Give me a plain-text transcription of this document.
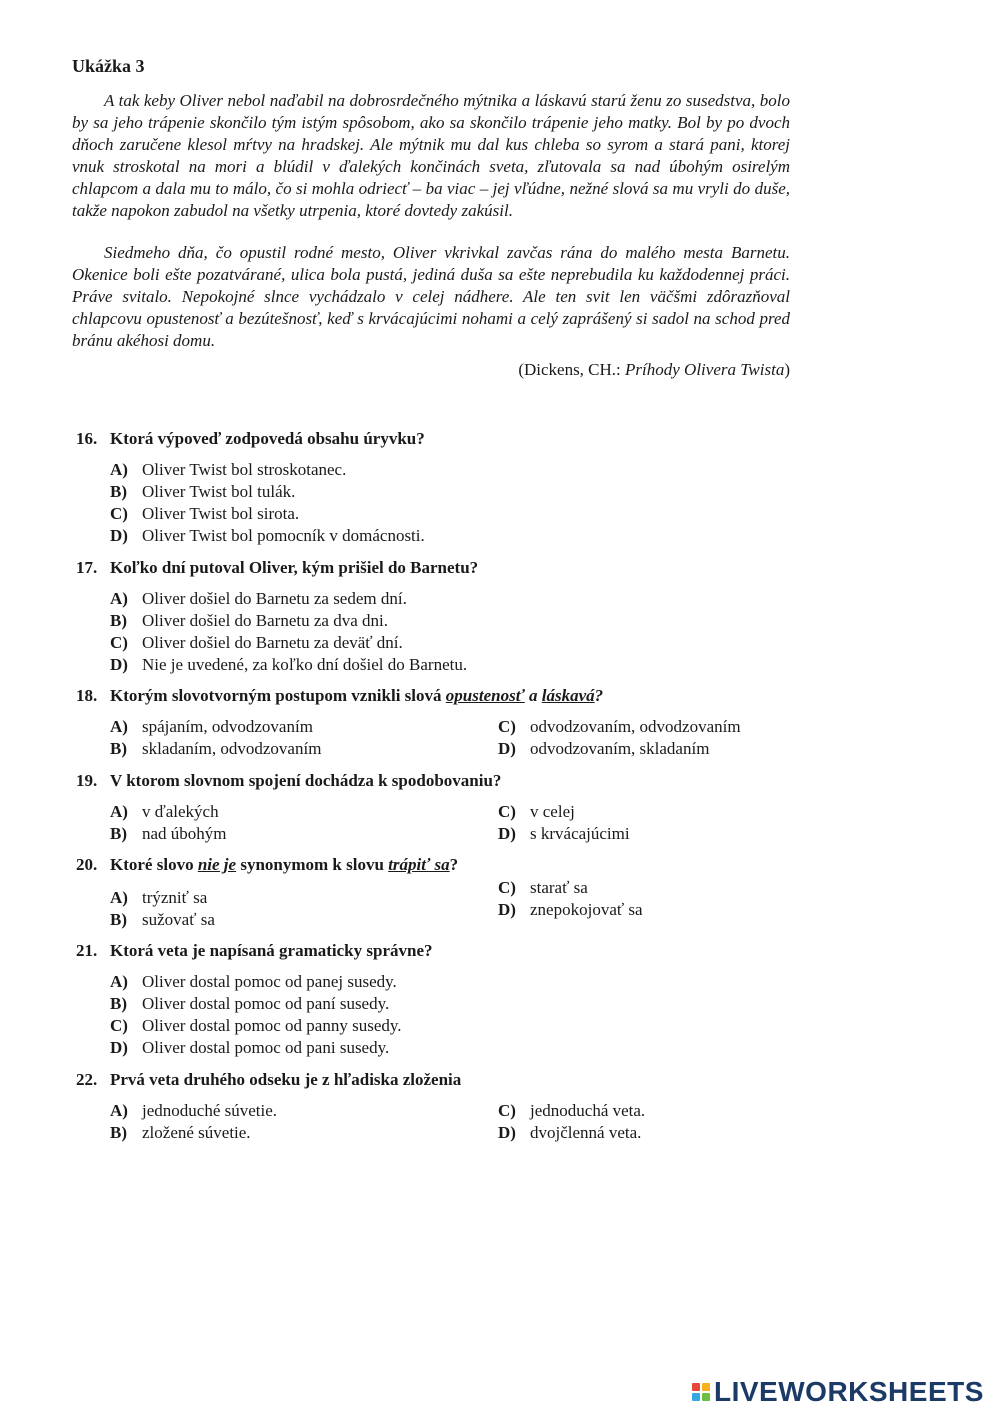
Ukážka 3

A tak keby Oliver nebol naďabil na dobrosrdečného mýtnika a láskavú starú ženu zo susedstva, bolo by sa jeho trápenie skončilo tým istým spôsobom, ako sa skončilo trápenie jeho matky. Bol by po dvoch dňoch zaručene klesol mŕtvy na hradskej. Ale mýtnik mu dal kus chleba so syrom a stará pani, ktorej vnuk stroskotal na mori a blúdil v ďalekých končinách sveta, zľutovala sa nad úbohým osirelým chlapcom a dala mu to málo, čo si mohla odriecť – ba viac – jej vľúdne, nežné slová sa mu vryli do duše, takže napokon zabudol na všetky utrpenia, ktoré dovtedy zakúsil.

Siedmeho dňa, čo opustil rodné mesto, Oliver vkrivkal zavčas rána do malého mesta Barnetu. Okenice boli ešte pozatvárané, ulica bola pustá, jediná duša sa ešte neprebudila ku každodennej práci. Práve svitalo. Nepokojné slnce vychádzalo v celej nádhere. Ale ten svit len väčšmi zdôrazňoval chlapcovu opustenosť a bezútešnosť, keď s krvácajúcimi nohami a celý zaprášený si sadol na schod pred bránu akéhosi domu.

(Dickens, CH.: Príhody Olivera Twista)
16. Ktorá výpoveď zodpovedá obsahu úryvku?
A) Oliver Twist bol stroskotanec.
B) Oliver Twist bol tulák.
C) Oliver Twist bol sirota.
D) Oliver Twist bol pomocník v domácnosti.
17. Koľko dní putoval Oliver, kým prišiel do Barnetu?
A) Oliver došiel do Barnetu za sedem dní.
B) Oliver došiel do Barnetu za dva dni.
C) Oliver došiel do Barnetu za deväť dní.
D) Nie je uvedené, za koľko dní došiel do Barnetu.
18. Ktorým slovotvorným postupom vznikli slová opustenosť a láskavá?
A) spájaním, odvodzovaním
B) skladaním, odvodzovaním
C) odvodzovaním, odvodzovaním
D) odvodzovaním, skladaním
19. V ktorom slovnom spojení dochádza k spodobovaniu?
A) v ďalekých
B) nad úbohým
C) v celej
D) s krvácajúcimi
20. Ktoré slovo nie je synonymom k slovu trápiť sa?
A) trýzniť sa
B) sužovať sa
C) starať sa
D) znepokojovať sa
21. Ktorá veta je napísaná gramaticky správne?
A) Oliver dostal pomoc od panej susedy.
B) Oliver dostal pomoc od paní susedy.
C) Oliver dostal pomoc od panny susedy.
D) Oliver dostal pomoc od pani susedy.
22. Prvá veta druhého odseku je z hľadiska zloženia
A) jednoduché súvetie.
B) zložené súvetie.
C) jednoduchá veta.
D) dvojčlenná veta.
LIVEWORKSHEETS
